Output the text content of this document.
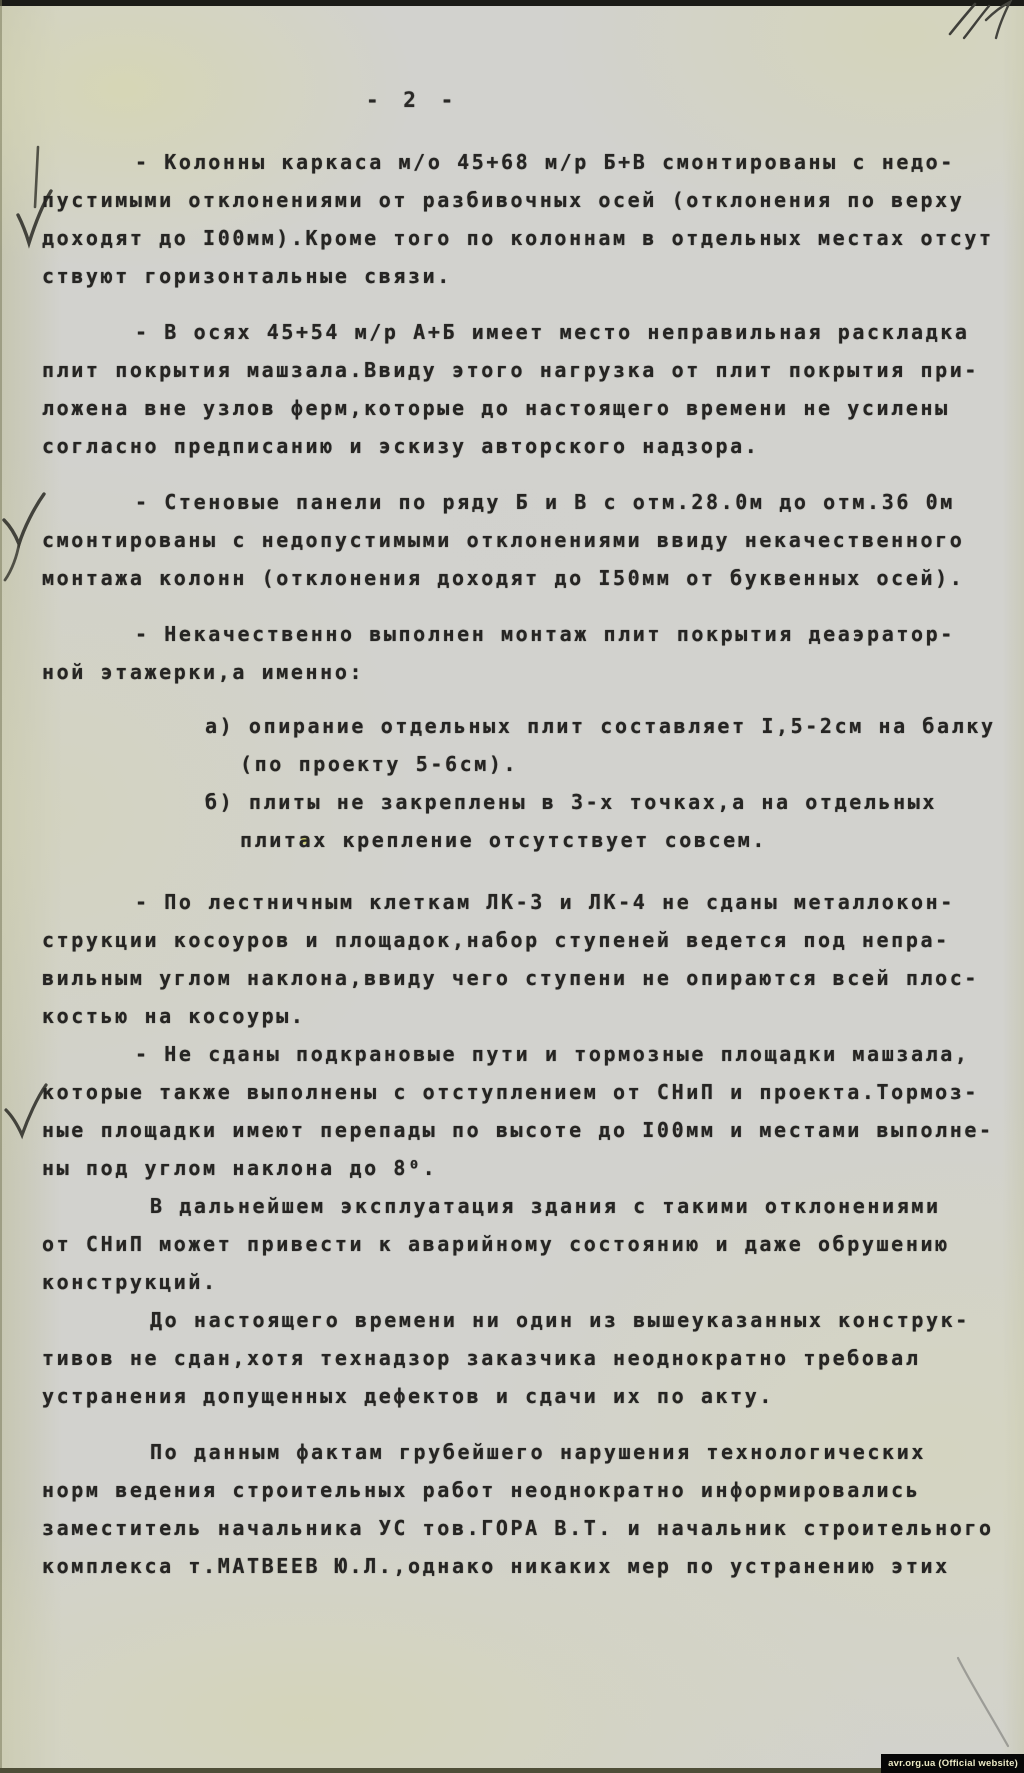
- 2 -
- Колонны каркаса м/о 45+68 м/р Б+В смонтированы с недо-
пустимыми отклонениями от разбивочных осей (отклонения по верху
доходят до I00мм).Кроме того по колоннам в отдельных местах отсут
ствуют горизонтальные связи.
- В осях 45+54 м/р А+Б имеет место неправильная раскладка
плит покрытия машзала.Ввиду этого нагрузка от плит покрытия при-
ложена вне узлов ферм,которые до настоящего времени не усилены
согласно предписанию и эскизу авторского надзора.
- Стеновые панели по ряду Б и В с отм.28.0м до отм.36 0м
смонтированы с недопустимыми отклонениями ввиду некачественного
монтажа колонн (отклонения доходят до I50мм от буквенных осей).
- Некачественно выполнен монтаж плит покрытия деаэратор-
ной этажерки,а именно:
а) опирание отдельных плит составляет I,5-2см на балку
(по проекту 5-6см).
б) плиты не закреплены в 3-х точках,а на отдельных
плитах крепление отсутствует совсем.
- По лестничным клеткам ЛК-3 и ЛК-4 не сданы металлокон-
струкции косоуров и площадок,набор ступеней ведется под непра-
вильным углом наклона,ввиду чего ступени не опираются всей плос-
костью на косоуры.
- Не сданы подкрановые пути и тормозные площадки машзала,
которые также выполнены с отступлением от СНиП и проекта.Тормоз-
ные площадки имеют перепады по высоте до I00мм и местами выполне-
ны под углом наклона до 8⁰.
В дальнейшем эксплуатация здания с такими отклонениями
от СНиП может привести к аварийному состоянию и даже обрушению
конструкций.
До настоящего времени ни один из вышеуказанных конструк-
тивов не сдан,хотя технадзор заказчика неоднократно требовал
устранения допущенных дефектов и сдачи их по акту.
По данным фактам грубейшего нарушения технологических
норм ведения строительных работ неоднократно информировались
заместитель начальника УС тов.ГОРА В.Т. и начальник строительного
комплекса т.МАТВЕЕВ Ю.Л.,однако никаких мер по устранению этих
avr.org.ua (Official website)
